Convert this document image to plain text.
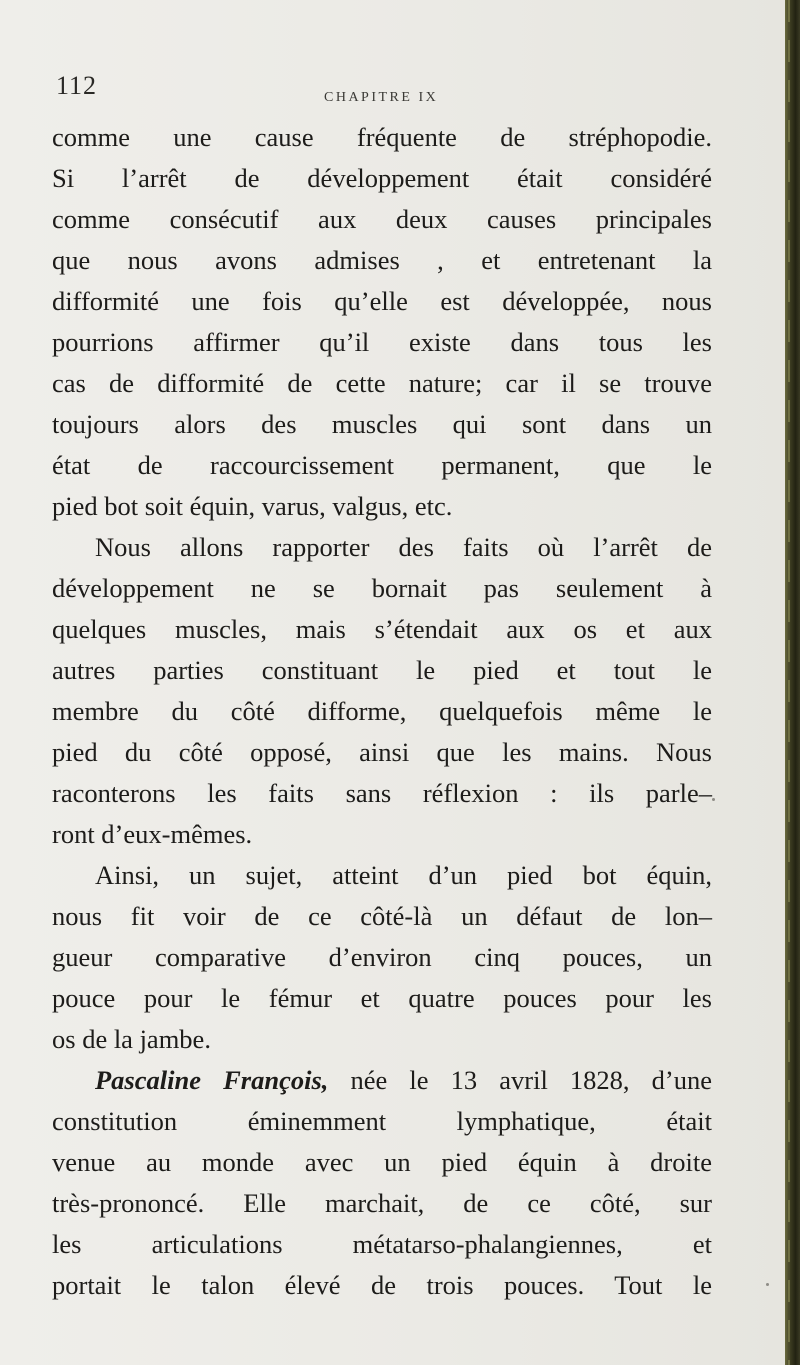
112	CHAPITRE IX
comme une cause fréquente de stréphopodie.
Si l’arrêt de développement était considéré
comme consécutif aux deux causes principales
que nous avons admises , et entretenant la
difformité une fois qu’elle est développée, nous
pourrions affirmer qu’il existe dans tous les
cas de difformité de cette nature; car il se trouve
toujours alors des muscles qui sont dans un
état de raccourcissement permanent, que le
pied bot soit équin, varus, valgus, etc.
Nous allons rapporter des faits où l’arrêt de
développement ne se bornait pas seulement à
quelques muscles, mais s’étendait aux os et aux
autres parties constituant le pied et tout le
membre du côté difforme, quelquefois même le
pied du côté opposé, ainsi que les mains. Nous
raconterons les faits sans réflexion : ils parle–
ront d’eux-mêmes.
Ainsi, un sujet, atteint d’un pied bot équin,
nous fit voir de ce côté-là un défaut de lon–
gueur comparative d’environ cinq pouces, un
pouce pour le fémur et quatre pouces pour les
os de la jambe.
Pascaline François, née le 13 avril 1828, d’une
constitution éminemment lymphatique, était
venue au monde avec un pied équin à droite
très-prononcé. Elle marchait, de ce côté, sur
les articulations métatarso-phalangiennes, et
portait le talon élevé de trois pouces. Tout le
